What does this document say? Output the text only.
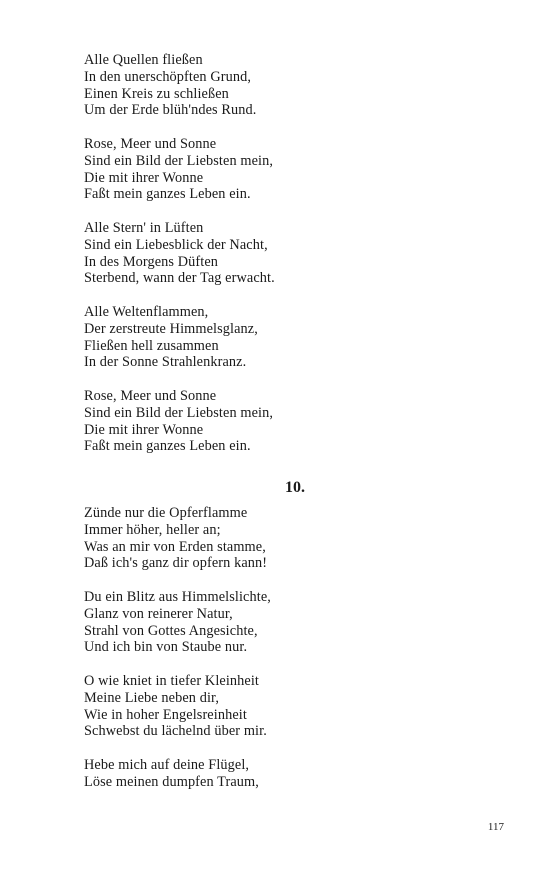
Alle Quellen fließen
In den unerschöpften Grund,
Einen Kreis zu schließen
Um der Erde blüh'ndes Rund.
Rose, Meer und Sonne
Sind ein Bild der Liebsten mein,
Die mit ihrer Wonne
Faßt mein ganzes Leben ein.
Alle Stern' in Lüften
Sind ein Liebesblick der Nacht,
In des Morgens Düften
Sterbend, wann der Tag erwacht.
Alle Weltenflammen,
Der zerstreute Himmelsglanz,
Fließen hell zusammen
In der Sonne Strahlenkranz.
Rose, Meer und Sonne
Sind ein Bild der Liebsten mein,
Die mit ihrer Wonne
Faßt mein ganzes Leben ein.
10.
Zünde nur die Opferflamme
Immer höher, heller an;
Was an mir von Erden stamme,
Daß ich's ganz dir opfern kann!
Du ein Blitz aus Himmelslichte,
Glanz von reinerer Natur,
Strahl von Gottes Angesichte,
Und ich bin von Staube nur.
O wie kniet in tiefer Kleinheit
Meine Liebe neben dir,
Wie in hoher Engelsreinheit
Schwebst du lächelnd über mir.
Hebe mich auf deine Flügel,
Löse meinen dumpfen Traum,
117
